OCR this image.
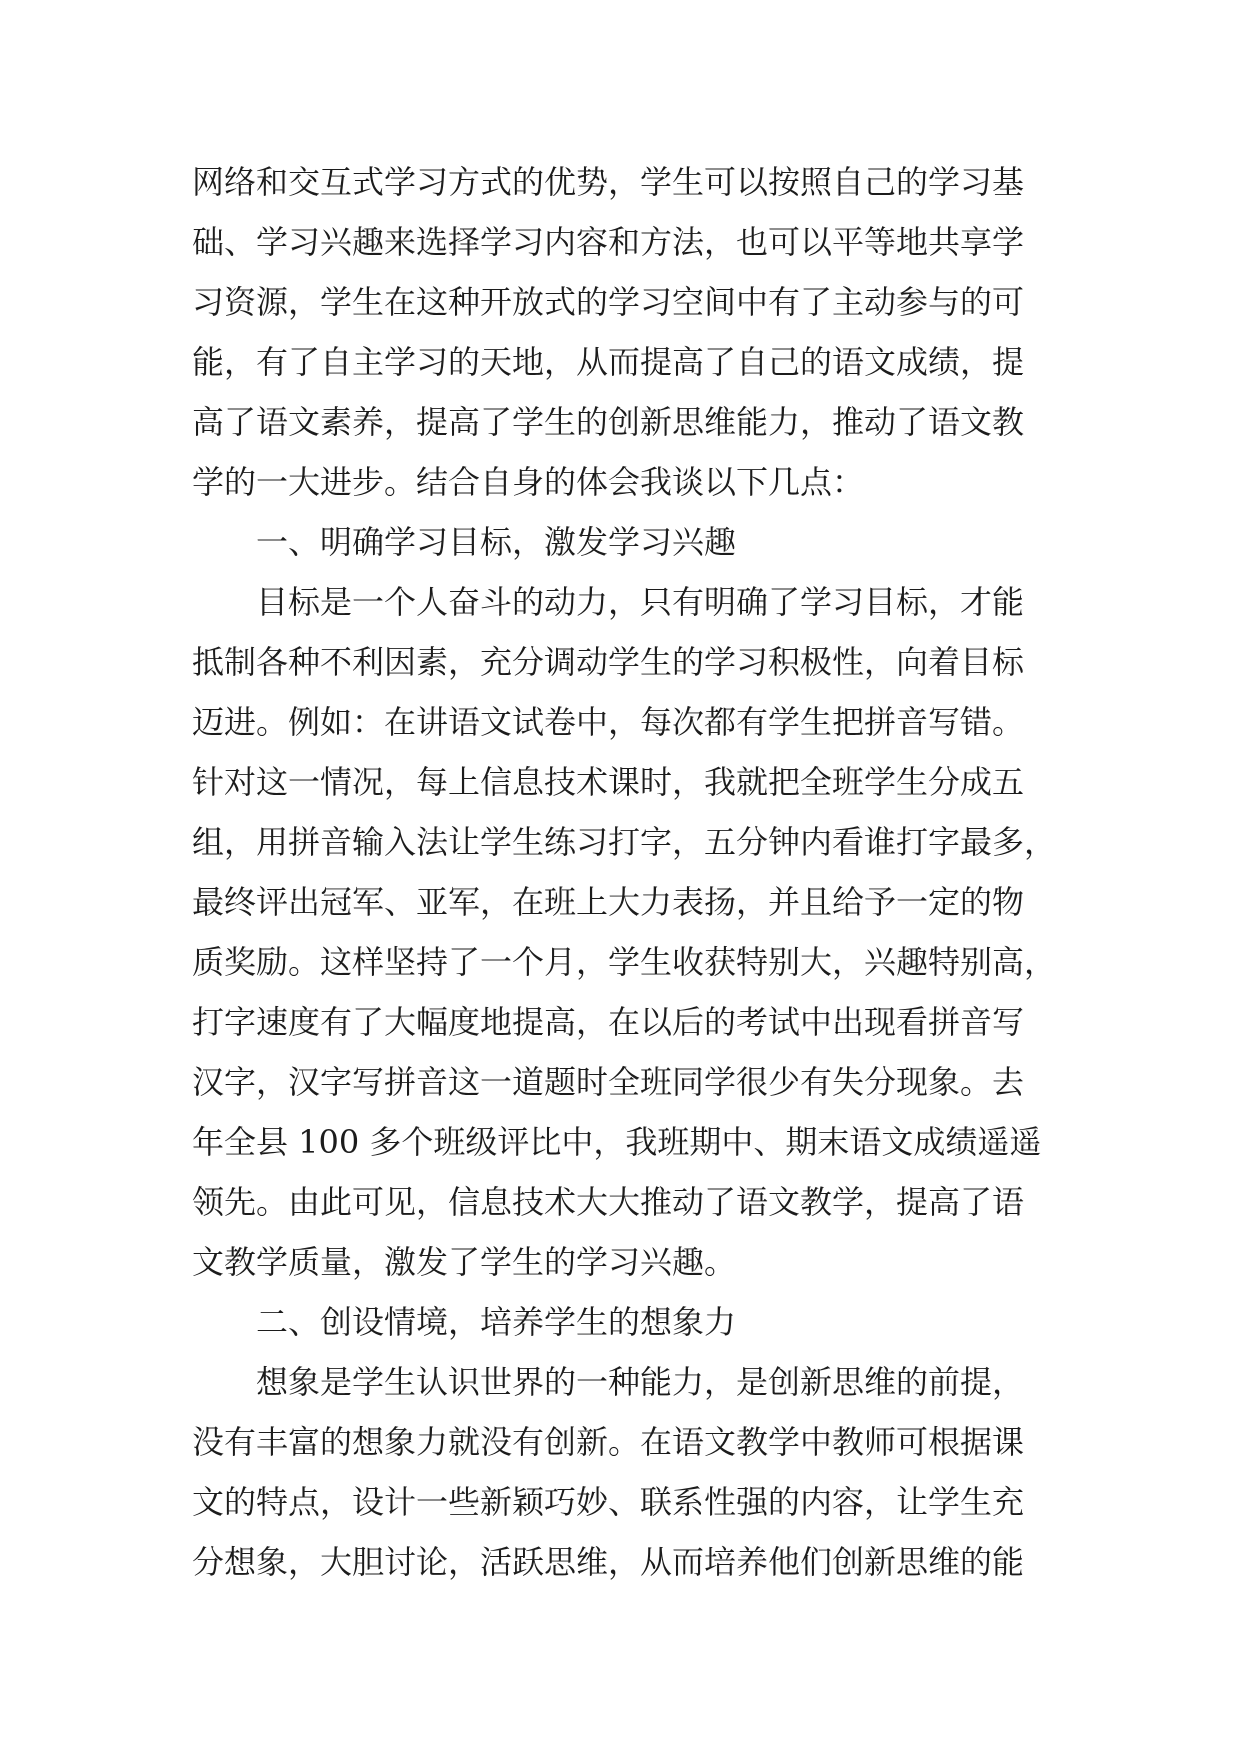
网络和交互式学习方式的优势，学生可以按照自己的学习基
础、学习兴趣来选择学习内容和方法，也可以平等地共享学
习资源，学生在这种开放式的学习空间中有了主动参与的可
能，有了自主学习的天地，从而提高了自己的语文成绩，提
高了语文素养，提高了学生的创新思维能力，推动了语文教
学的一大进步。结合自身的体会我谈以下几点：
一、明确学习目标，激发学习兴趣
目标是一个人奋斗的动力，只有明确了学习目标，才能
抵制各种不利因素，充分调动学生的学习积极性，向着目标
迈进。例如：在讲语文试卷中，每次都有学生把拼音写错。
针对这一情况，每上信息技术课时，我就把全班学生分成五
组，用拼音输入法让学生练习打字，五分钟内看谁打字最多，
最终评出冠军、亚军，在班上大力表扬，并且给予一定的物
质奖励。这样坚持了一个月，学生收获特别大，兴趣特别高，
打字速度有了大幅度地提高，在以后的考试中出现看拼音写
汉字，汉字写拼音这一道题时全班同学很少有失分现象。去
年全县 100 多个班级评比中，我班期中、期末语文成绩遥遥
领先。由此可见，信息技术大大推动了语文教学，提高了语
文教学质量，激发了学生的学习兴趣。
二、创设情境，培养学生的想象力
想象是学生认识世界的一种能力，是创新思维的前提，
没有丰富的想象力就没有创新。在语文教学中教师可根据课
文的特点，设计一些新颖巧妙、联系性强的内容，让学生充
分想象，大胆讨论，活跃思维，从而培养他们创新思维的能
